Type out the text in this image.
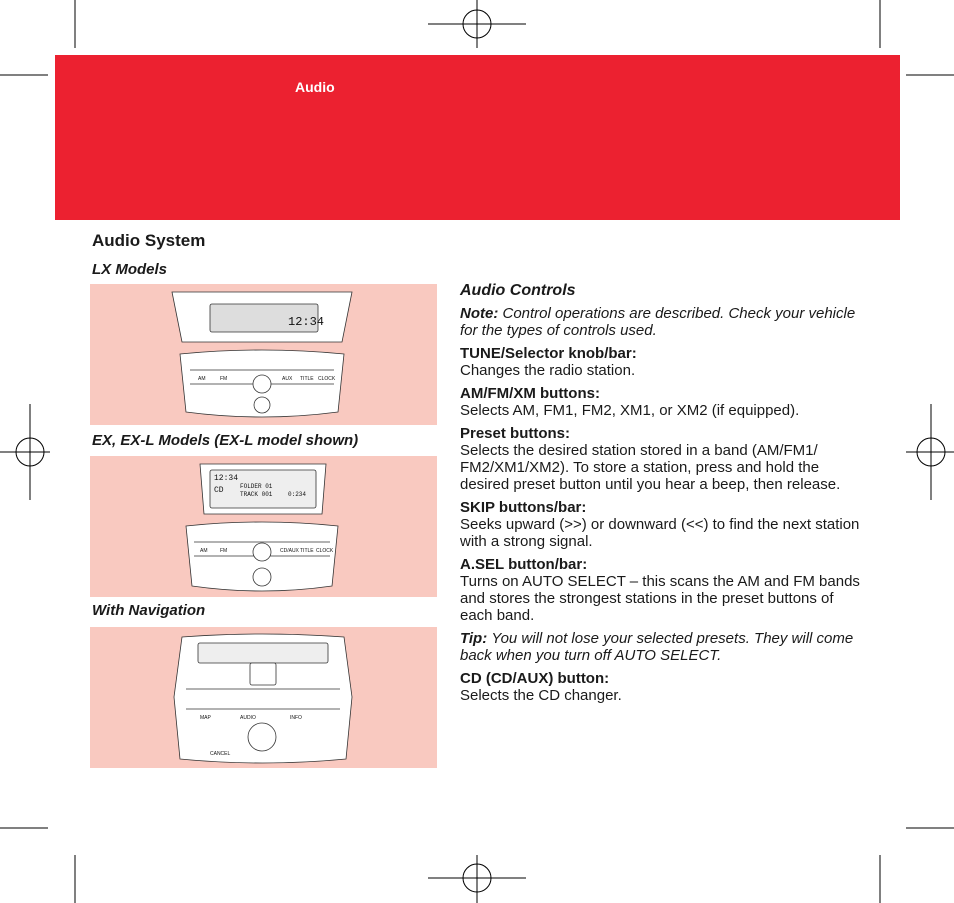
Audio
Audio System

LX Models

12:34
AM	FM	AUX TITLE CLOCK

EX, EX-L Models (EX-L model shown)

12:34
FOLDER 01
TRACK 001	0:234
CD
AM	FM	CD/AUX TITLE CLOCK

With Navigation

MAP	AUDIO	INFO
CANCEL

Audio Controls

Note: Control operations are described. Check your vehicle for the types of controls used.

TUNE/Selector knob/bar:
Changes the radio station.

AM/FM/XM buttons:
Selects AM, FM1, FM2, XM1, or XM2 (if equipped).

Preset buttons:
Selects the desired station stored in a band (AM/FM1/ FM2/XM1/XM2). To store a station, press and hold the desired preset button until you hear a beep, then release.

SKIP buttons/bar:
Seeks upward (>>) or downward (<<) to find the next station with a strong signal.

A.SEL button/bar:
Turns on AUTO SELECT – this scans the AM and FM bands and stores the strongest stations in the preset buttons of each band.

Tip: You will not lose your selected presets. They will come back when you turn off AUTO SELECT.

CD (CD/AUX) button:
Selects the CD changer.
